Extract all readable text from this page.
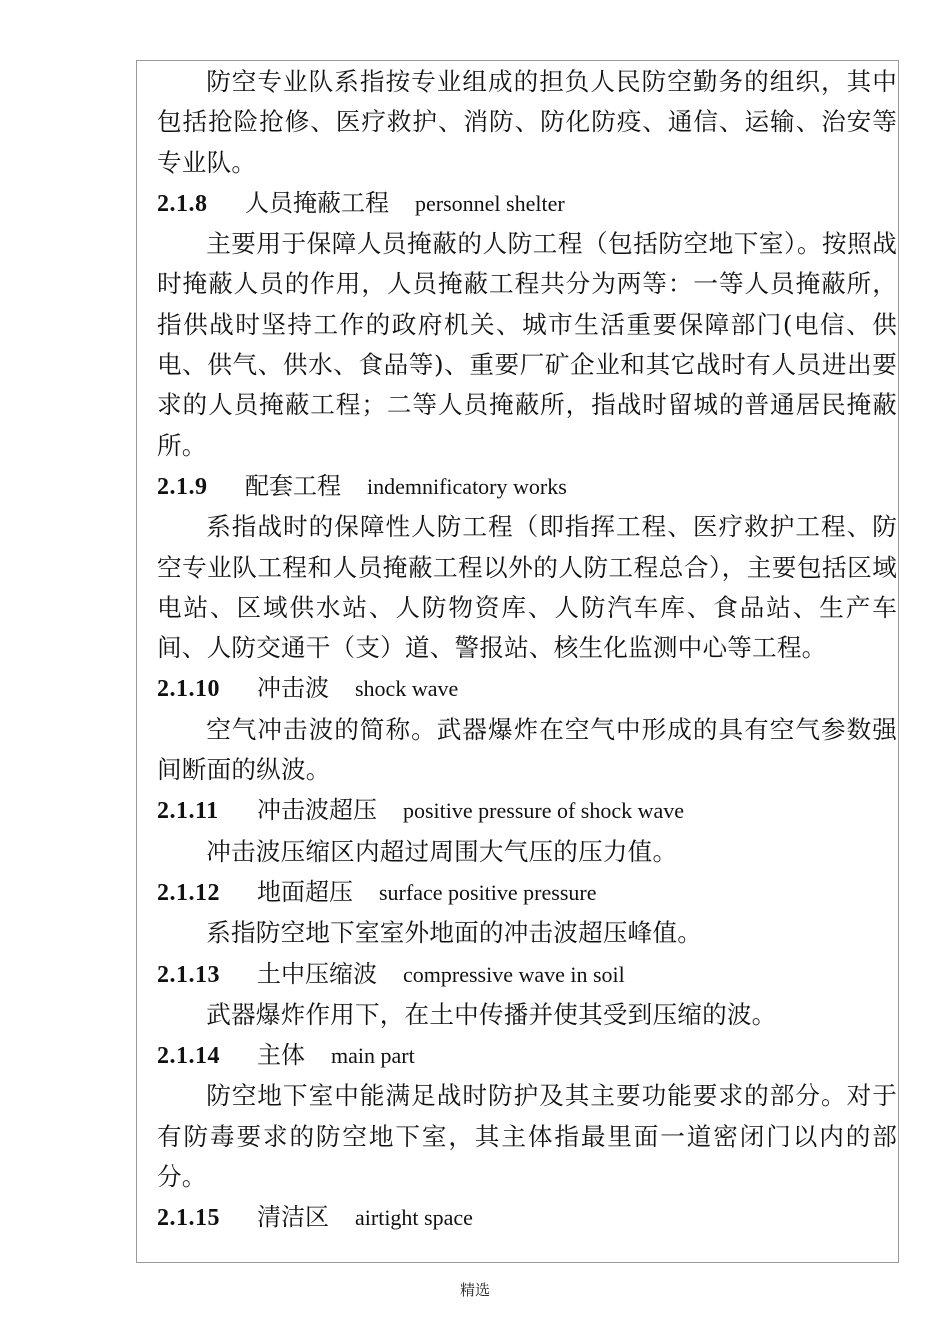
防空专业队系指按专业组成的担负人民防空勤务的组织，其中包括抢险抢修、医疗救护、消防、防化防疫、通信、运输、治安等专业队。

2.1.8 人员掩蔽工程 personnel shelter

主要用于保障人员掩蔽的人防工程（包括防空地下室）。按照战时掩蔽人员的作用，人员掩蔽工程共分为两等：一等人员掩蔽所，指供战时坚持工作的政府机关、城市生活重要保障部门(电信、供电、供气、供水、食品等)、重要厂矿企业和其它战时有人员进出要求的人员掩蔽工程；二等人员掩蔽所，指战时留城的普通居民掩蔽所。

2.1.9 配套工程 indemnificatory works

系指战时的保障性人防工程（即指挥工程、医疗救护工程、防空专业队工程和人员掩蔽工程以外的人防工程总合），主要包括区域电站、区域供水站、人防物资库、人防汽车库、食品站、生产车间、人防交通干（支）道、警报站、核生化监测中心等工程。

2.1.10 冲击波 shock wave

空气冲击波的简称。武器爆炸在空气中形成的具有空气参数强间断面的纵波。

2.1.11 冲击波超压 positive pressure of shock wave

冲击波压缩区内超过周围大气压的压力值。

2.1.12 地面超压 surface positive pressure

系指防空地下室室外地面的冲击波超压峰值。

2.1.13 土中压缩波 compressive wave in soil

武器爆炸作用下，在土中传播并使其受到压缩的波。

2.1.14 主体 main part

防空地下室中能满足战时防护及其主要功能要求的部分。对于有防毒要求的防空地下室，其主体指最里面一道密闭门以内的部分。

2.1.15 清洁区 airtight space

精选
